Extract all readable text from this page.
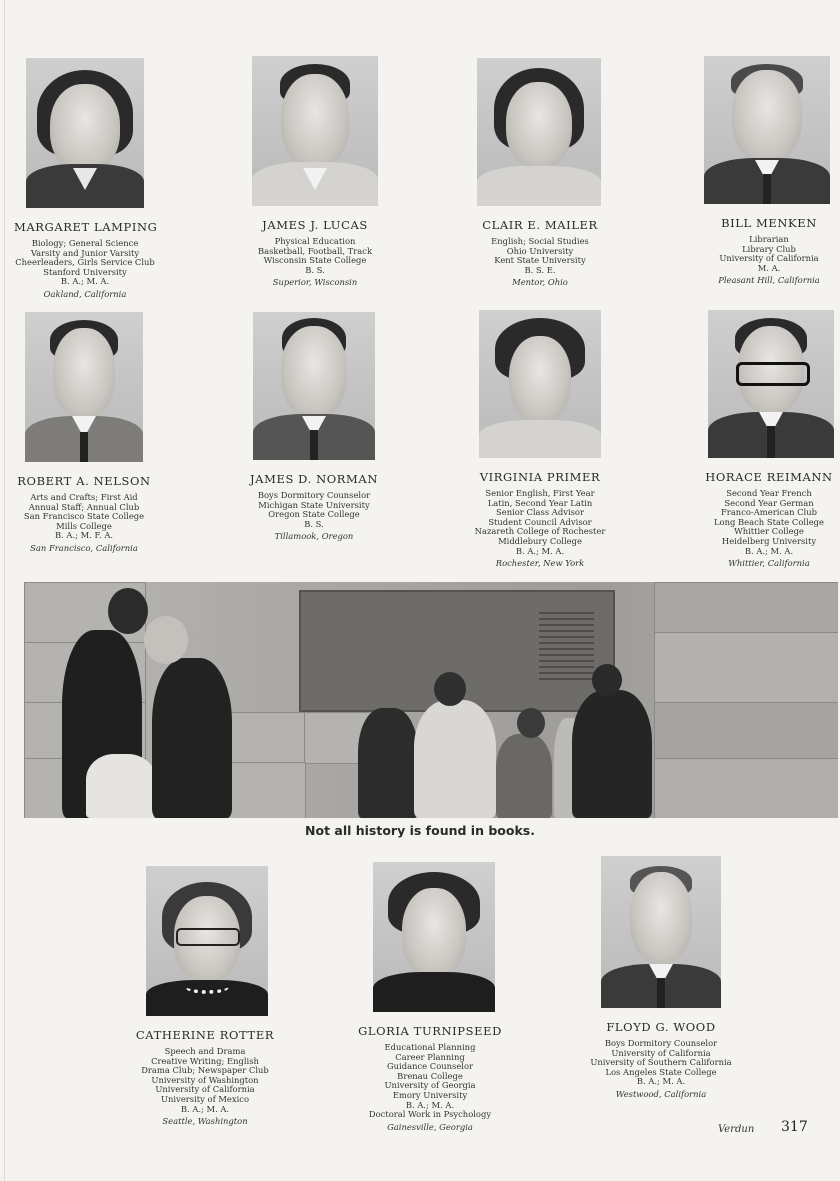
MARGARET LAMPING
Biology; General Science
Varsity and Junior Varsity
Cheerleaders, Girls Service Club
Stanford University
B. A.; M. A.
Oakland, California
JAMES J. LUCAS
Physical Education
Basketball, Football, Track
Wisconsin State College
B. S.
Superior, Wisconsin
CLAIR E. MAILER
English; Social Studies
Ohio University
Kent State University
B. S. E.
Mentor, Ohio
BILL MENKEN
Librarian
Library Club
University of California
M. A.
Pleasant Hill, California
ROBERT A. NELSON
Arts and Crafts; First Aid
Annual Staff; Annual Club
San Francisco State College
Mills College
B. A.; M. F. A.
San Francisco, California
JAMES D. NORMAN
Boys Dormitory Counselor
Michigan State University
Oregon State College
B. S.
Tillamook, Oregon
VIRGINIA PRIMER
Senior English, First Year
Latin, Second Year Latin
Senior Class Advisor
Student Council Advisor
Nazareth College of Rochester
Middlebury College
B. A.; M. A.
Rochester, New York
HORACE REIMANN
Second Year French
Second Year German
Franco-American Club
Long Beach State College
Whittier College
Heidelberg University
B. A.; M. A.
Whittier, California
Not all history is found in books.
CATHERINE ROTTER
Speech and Drama
Creative Writing; English
Drama Club; Newspaper Club
University of Washington
University of California
University of Mexico
B. A.; M. A.
Seattle, Washington
GLORIA TURNIPSEED
Educational Planning
Career Planning
Guidance Counselor
Brenau College
University of Georgia
Emory University
B. A.; M. A.
Doctoral Work in Psychology
Gainesville, Georgia
FLOYD G. WOOD
Boys Dormitory Counselor
University of California
University of Southern California
Los Angeles State College
B. A.; M. A.
Westwood, California
Verdun 317
